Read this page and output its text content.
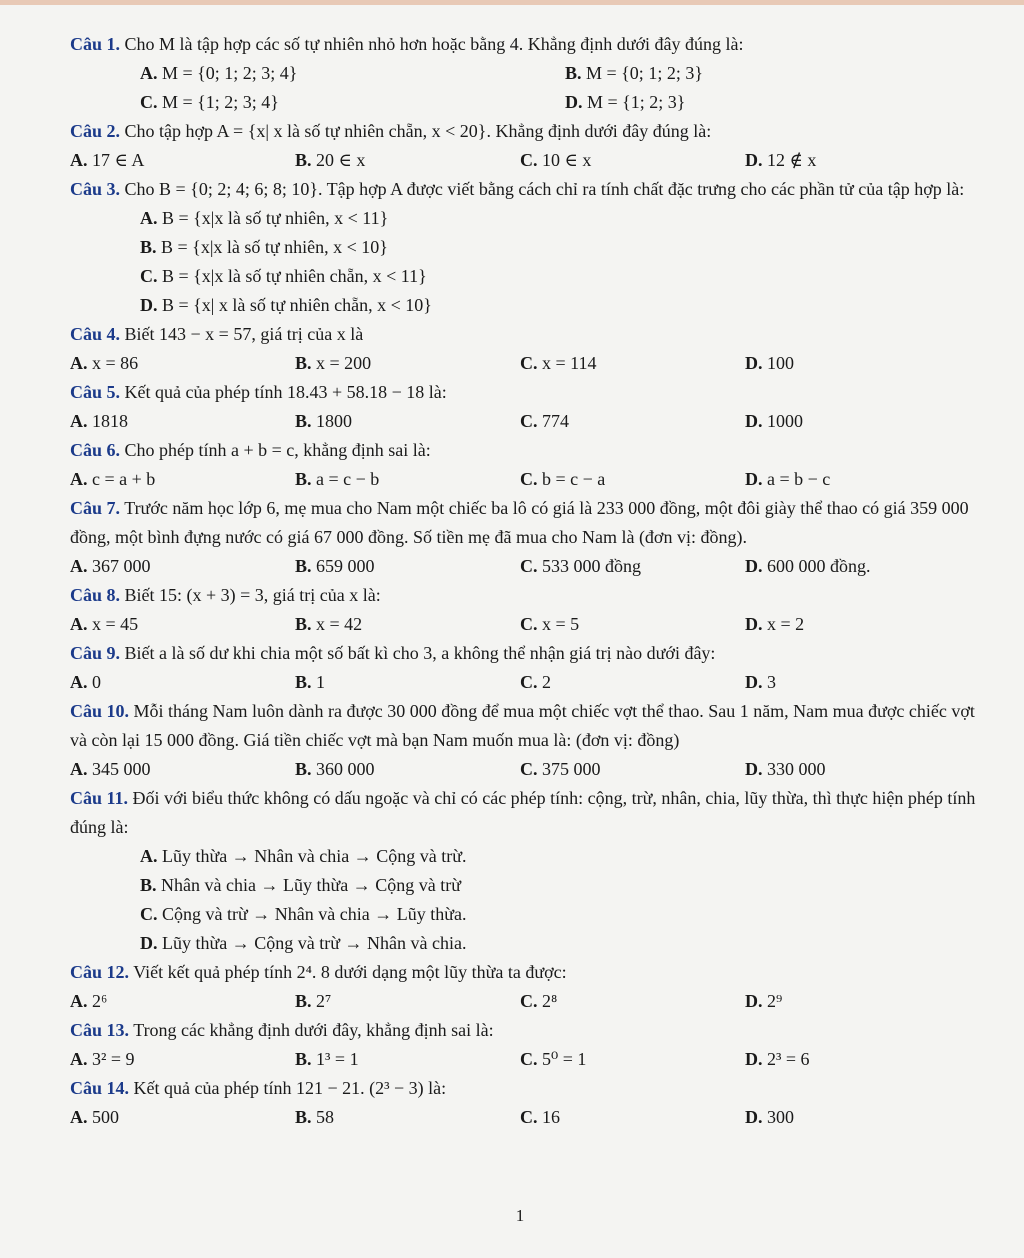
Câu 1. Cho M là tập hợp các số tự nhiên nhỏ hơn hoặc bằng 4. Khẳng định dưới đây đúng là:
A. M = {0; 1; 2; 3; 4}	B. M = {0; 1; 2; 3}
C. M = {1; 2; 3; 4}	D. M = {1; 2; 3}
Câu 2. Cho tập hợp A = {x| x là số tự nhiên chẵn, x < 20}. Khẳng định dưới đây đúng là:
A. 17 ∈ A	B. 20 ∈ x	C. 10 ∈ x	D. 12 ∉ x
Câu 3. Cho B = {0; 2; 4; 6; 8; 10}. Tập hợp A được viết bằng cách chỉ ra tính chất đặc trưng cho các phần tử của tập hợp là:
A. B = {x|x là số tự nhiên, x < 11}
B. B = {x|x là số tự nhiên, x < 10}
C. B = {x|x là số tự nhiên chẵn, x < 11}
D. B = {x| x là số tự nhiên chẵn, x < 10}
Câu 4. Biết 143 − x = 57, giá trị của x là
A. x = 86	B. x = 200	C. x = 114	D. 100
Câu 5. Kết quả của phép tính 18.43 + 58.18 − 18 là:
A. 1818	B. 1800	C. 774	D. 1000
Câu 6. Cho phép tính a + b = c, khẳng định sai là:
A. c = a + b	B. a = c − b	C. b = c − a	D. a = b − c
Câu 7. Trước năm học lớp 6, mẹ mua cho Nam một chiếc ba lô có giá là 233 000 đồng, một đôi giày thể thao có giá 359 000 đồng, một bình đựng nước có giá 67 000 đồng. Số tiền mẹ đã mua cho Nam là (đơn vị: đồng).
A. 367 000	B. 659 000	C. 533 000 đồng	D. 600 000 đồng.
Câu 8. Biết 15: (x + 3) = 3, giá trị của x là:
A. x = 45	B. x = 42	C. x = 5	D. x = 2
Câu 9. Biết a là số dư khi chia một số bất kì cho 3, a không thể nhận giá trị nào dưới đây:
A. 0	B. 1	C. 2	D. 3
Câu 10. Mỗi tháng Nam luôn dành ra được 30 000 đồng để mua một chiếc vợt thể thao. Sau 1 năm, Nam mua được chiếc vợt và còn lại 15 000 đồng. Giá tiền chiếc vợt mà bạn Nam muốn mua là: (đơn vị: đồng)
A. 345 000	B. 360 000	C. 375 000	D. 330 000
Câu 11. Đối với biểu thức không có dấu ngoặc và chỉ có các phép tính: cộng, trừ, nhân, chia, lũy thừa, thì thực hiện phép tính đúng là:
A. Lũy thừa → Nhân và chia → Cộng và trừ.
B. Nhân và chia → Lũy thừa → Cộng và trừ
C. Cộng và trừ → Nhân và chia → Lũy thừa.
D. Lũy thừa → Cộng và trừ → Nhân và chia.
Câu 12. Viết kết quả phép tính 2⁴. 8 dưới dạng một lũy thừa ta được:
A. 2⁶	B. 2⁷	C. 2⁸	D. 2⁹
Câu 13. Trong các khẳng định dưới đây, khẳng định sai là:
A. 3² = 9	B. 1³ = 1	C. 5⁰ = 1	D. 2³ = 6
Câu 14. Kết quả của phép tính 121 − 21. (2³ − 3) là:
A. 500	B. 58	C. 16	D. 300
1
